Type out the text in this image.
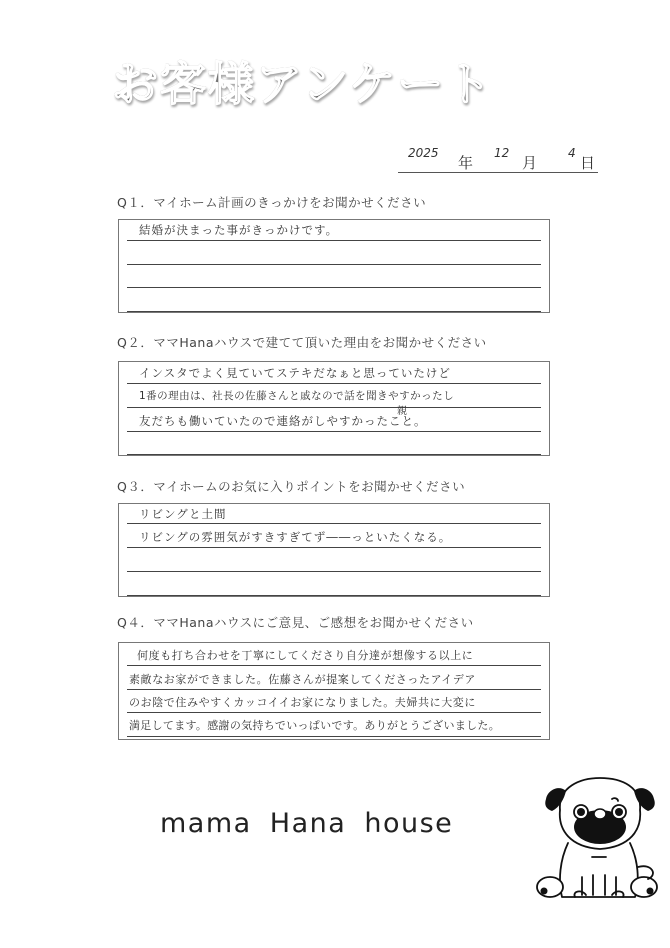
お客様アンケート
2025
年
12
月
4
日
Q１．マイホーム計画のきっかけをお聞かせください
結婚が決まった事がきっかけです。
Q２．ママHanaハウスで建てて頂いた理由をお聞かせください
インスタでよく見ていてステキだなぁと思っていたけど
1番の理由は、社長の佐藤さんと戚なので話を聞きやすかったし
親
友だちも働いていたので連絡がしやすかったこと。
Q３．マイホームのお気に入りポイントをお聞かせください
リビングと土間
リビングの雰囲気がすきすぎてず――っといたくなる。
Q４．ママHanaハウスにご意見、ご感想をお聞かせください
何度も打ち合わせを丁寧にしてくださり自分達が想像する以上に
素敵なお家ができました。佐藤さんが提案してくださったアイデア
のお陰で住みやすくカッコイイお家になりました。夫婦共に大変に
満足してます。感謝の気持ちでいっぱいです。ありがとうございました。
mama Hana house
